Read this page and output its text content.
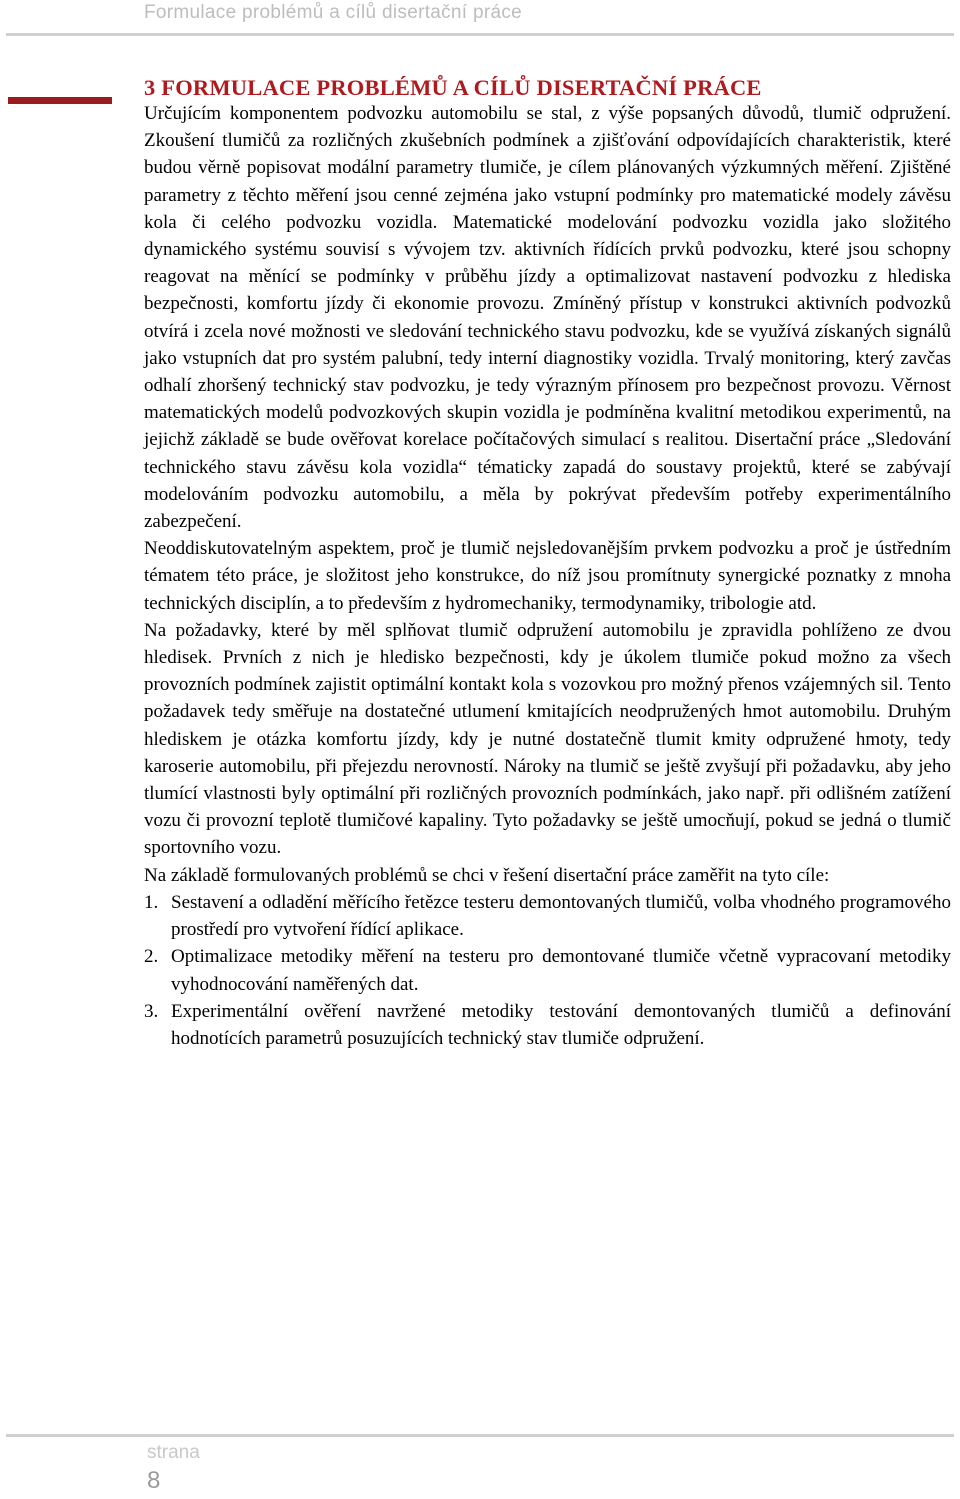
Formulace problémů a cílů disertační práce
3 FORMULACE PROBLÉMŮ A CÍLŮ DISERTAČNÍ PRÁCE

Určujícím komponentem podvozku automobilu se stal, z výše popsaných důvodů, tlumič odpružení. Zkoušení tlumičů za rozličných zkušebních podmínek a zjišťování odpovídajících charakteristik, které budou věrně popisovat modální parametry tlumiče, je cílem plánovaných výzkumných měření. Zjištěné parametry z těchto měření jsou cenné zejména jako vstupní podmínky pro matematické modely závěsu kola či celého podvozku vozidla. Matematické modelování podvozku vozidla jako složitého dynamického systému souvisí s vývojem tzv. aktivních řídících prvků podvozku, které jsou schopny reagovat na měnící se podmínky v průběhu jízdy a optimalizovat nastavení podvozku z hlediska bezpečnosti, komfortu jízdy či ekonomie provozu. Zmíněný přístup v konstrukci aktivních podvozků otvírá i zcela nové možnosti ve sledování technického stavu podvozku, kde se využívá získaných signálů jako vstupních dat pro systém palubní, tedy interní diagnostiky vozidla. Trvalý monitoring, který zavčas odhalí zhoršený technický stav podvozku, je tedy výrazným přínosem pro bezpečnost provozu. Věrnost matematických modelů podvozkových skupin vozidla je podmíněna kvalitní metodikou experimentů, na jejichž základě se bude ověřovat korelace počítačových simulací s realitou. Disertační práce „Sledování technického stavu závěsu kola vozidla“ tématicky zapadá do soustavy projektů, které se zabývají modelováním podvozku automobilu, a měla by pokrývat především potřeby experimentálního zabezpečení.

Neoddiskutovatelným aspektem, proč je tlumič nejsledovanějším prvkem podvozku a proč je ústředním tématem této práce, je složitost jeho konstrukce, do níž jsou promítnuty synergické poznatky z mnoha technických disciplín, a to především z hydromechaniky, termodynamiky, tribologie atd.

Na požadavky, které by měl splňovat tlumič odpružení automobilu je zpravidla pohlíženo ze dvou hledisek. Prvních z nich je hledisko bezpečnosti, kdy je úkolem tlumiče pokud možno za všech provozních podmínek zajistit optimální kontakt kola s vozovkou pro možný přenos vzájemných sil. Tento požadavek tedy směřuje na dostatečné utlumení kmitajících neodpružených hmot automobilu. Druhým hlediskem je otázka komfortu jízdy, kdy je nutné dostatečně tlumit kmity odpružené hmoty, tedy karoserie automobilu, při přejezdu nerovností. Nároky na tlumič se ještě zvyšují při požadavku, aby jeho tlumící vlastnosti byly optimální při rozličných provozních podmínkách, jako např. při odlišném zatížení vozu či provozní teplotě tlumičové kapaliny. Tyto požadavky se ještě umocňují, pokud se jedná o tlumič sportovního vozu.

Na základě formulovaných problémů se chci v řešení disertační práce zaměřit na tyto cíle:

1. Sestavení a odladění měřícího řetězce testeru demontovaných tlumičů, volba vhodného programového prostředí pro vytvoření řídící aplikace.
2. Optimalizace metodiky měření na testeru pro demontované tlumiče včetně vypracovaní metodiky vyhodnocování naměřených dat.
3. Experimentální ověření navržené metodiky testování demontovaných tlumičů a definování hodnotících parametrů posuzujících technický stav tlumiče odpružení.
strana
8
